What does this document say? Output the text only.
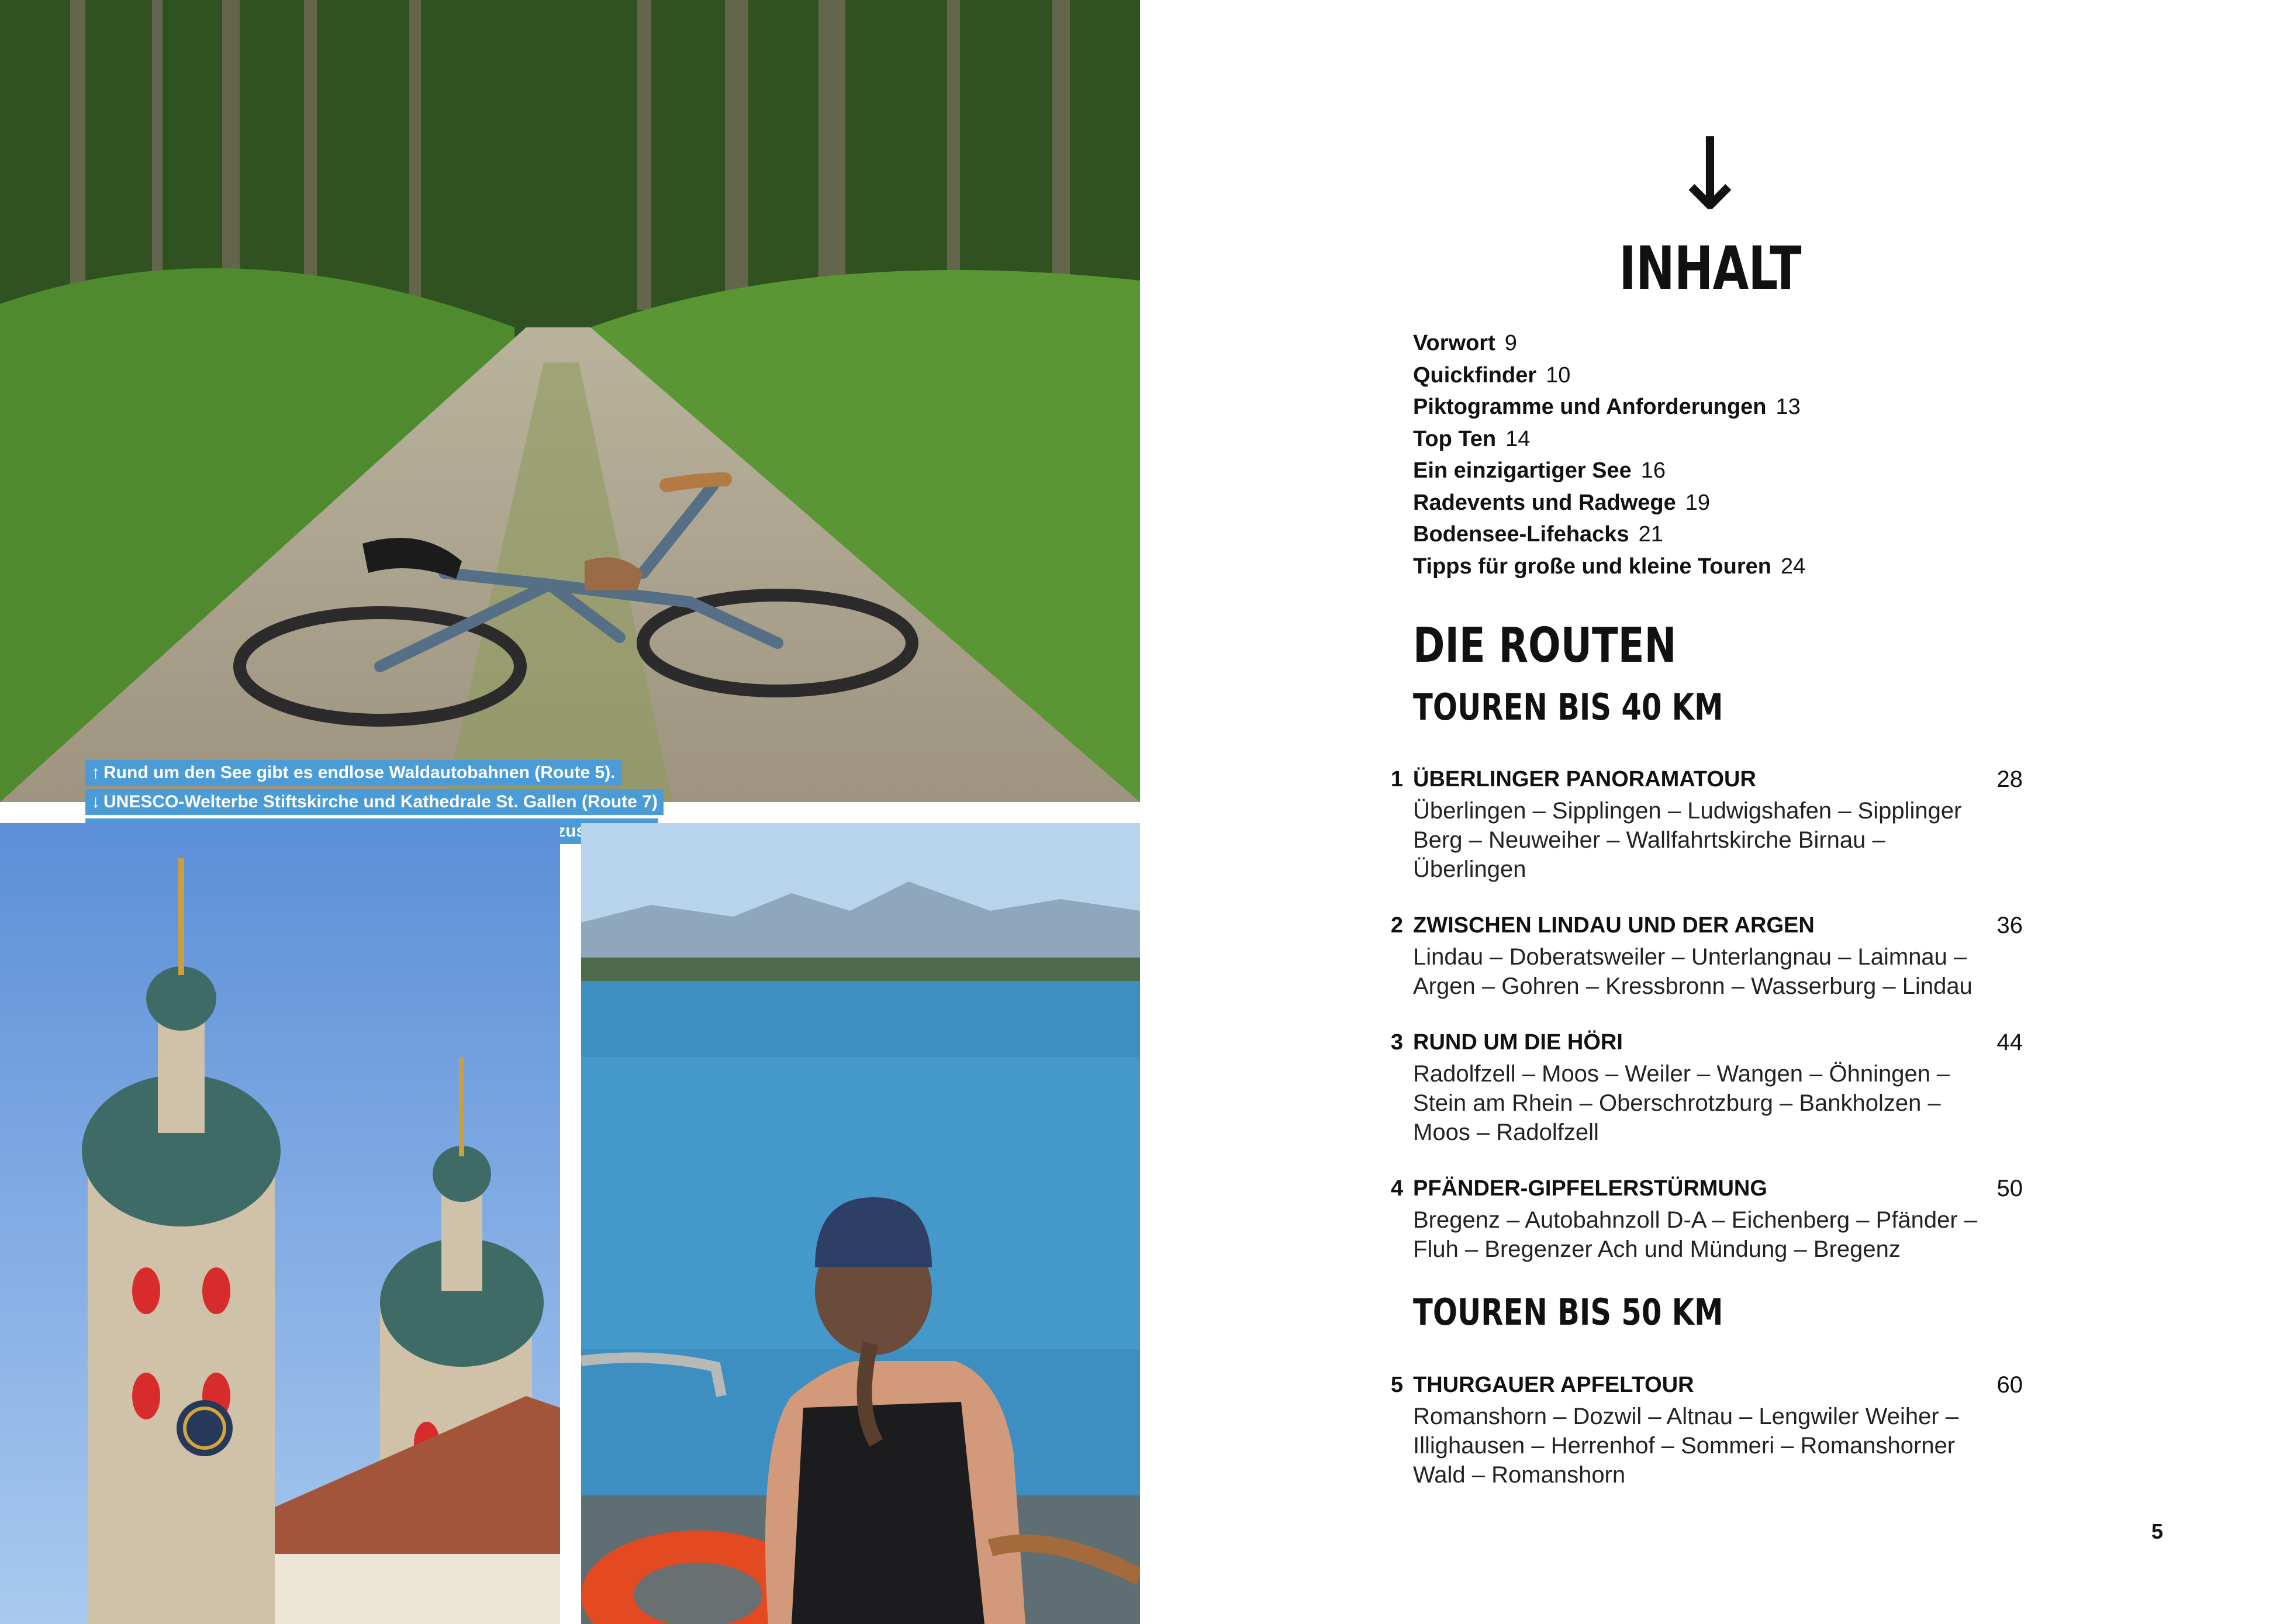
↑ Rund um den See gibt es endlose Waldautobahnen (Route 5).
↓ UNESCO-Welterbe Stiftskirche und Kathedrale St. Gallen (Route 7)
↓
INHALT
Vorwort 9
Quickfinder 10
Piktogramme und Anforderungen 13
Top Ten 14
Ein einzigartiger See 16
Radevents und Radwege 19
Bodensee-Lifehacks 21
Tipps für große und kleine Touren 24
DIE ROUTEN
TOUREN BIS 40 KM
1 ÜBERLINGER PANORAMATOUR	28
Überlingen – Sipplingen – Ludwigshafen – Sipplinger Berg – Neuweiher – Wallfahrtskirche Birnau – Überlingen
2 ZWISCHEN LINDAU UND DER ARGEN	36
Lindau – Doberatsweiler – Unterlangnau – Laimnau – Argen – Gohren – Kressbronn – Wasserburg – Lindau
3 RUND UM DIE HÖRI	44
Radolfzell – Moos – Weiler – Wangen – Öhningen – Stein am Rhein – Oberschrotzburg – Bankholzen – Moos – Radolfzell
4 PFÄNDER-GIPFELERSTÜRMUNG	50
Bregenz – Autobahnzoll D-A – Eichenberg – Pfänder – Fluh – Bregenzer Ach und Mündung – Bregenz
TOUREN BIS 50 KM
5 THURGAUER APFELTOUR	60
Romanshorn – Dozwil – Altnau – Lengwiler Weiher – Illighausen – Herrenhof – Sommeri – Romanshorner Wald – Romanshorn
5
